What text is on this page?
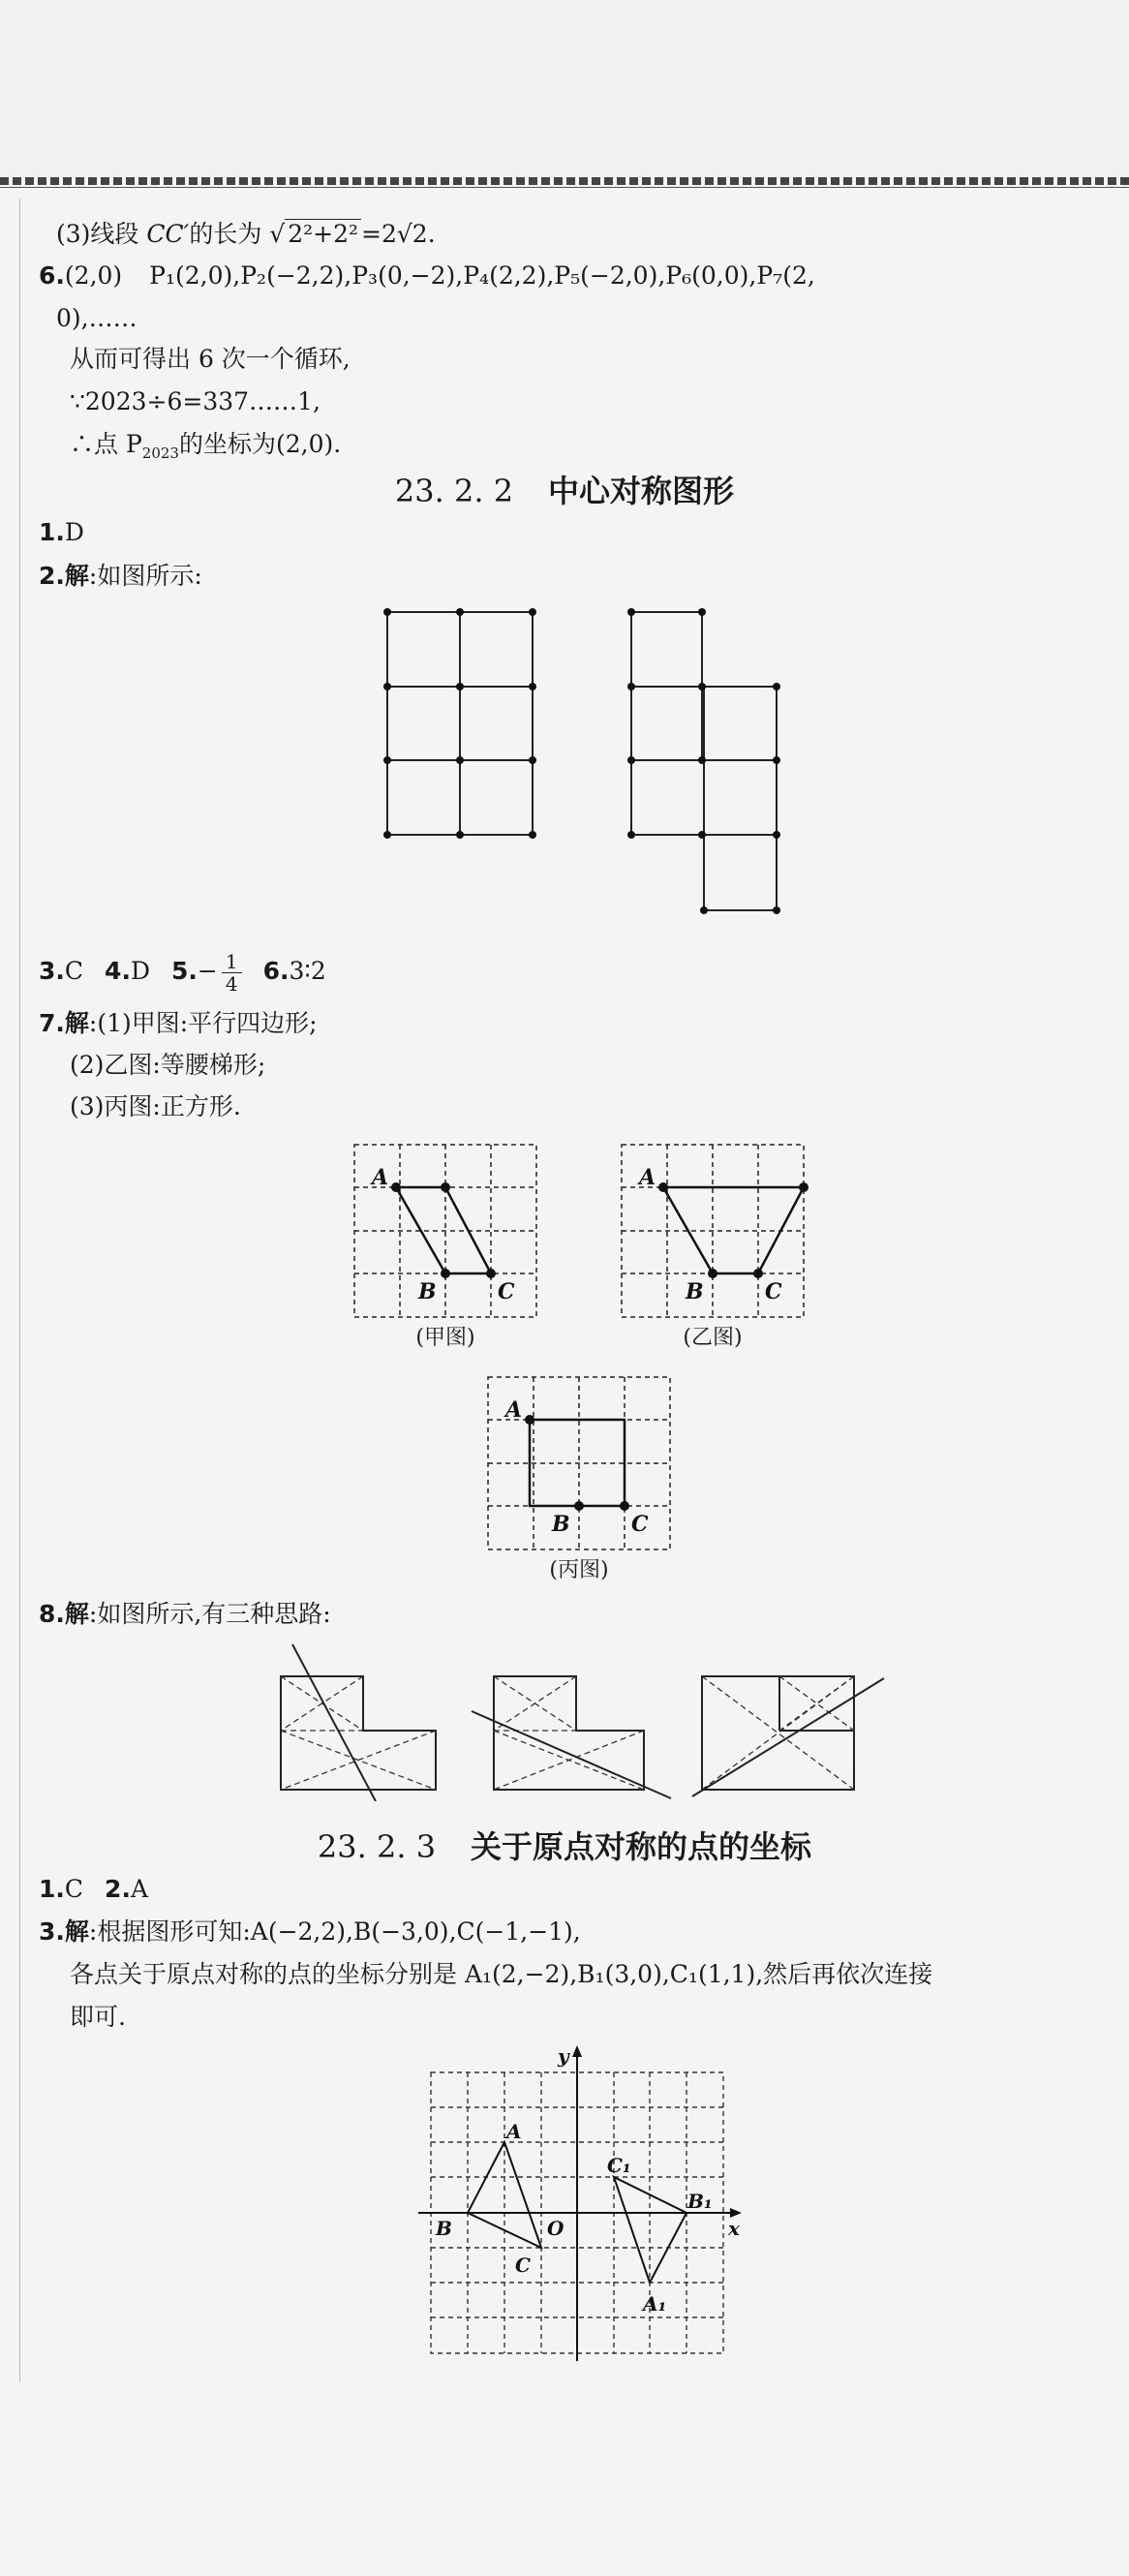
(3)线段 CC′的长为 √ 2²+2² =2√2.
6.(2,0) P₁(2,0),P₂(−2,2),P₃(0,−2),P₄(2,2),P₅(−2,0),P₆(0,0),P₇(2,
0),……
从而可得出 6 次一个循环,
∵2023÷6=337……1,
∴点 $P_{2023}$的坐标为(2,0).
23. 2. 2 中心对称图形
1.D
2.解:如图所示:
3.C 4.D $5.- \frac{1}{4}$ 6.3∶2
7.解:(1)甲图:平行四边形;
(2)乙图:等腰梯形;
(3)丙图:正方形.
A
B	C
(甲图)
A
B	C
(乙图)
A
B	C
(丙图)
8.解:如图所示,有三种思路:
23. 2. 3 关于原点对称的点的坐标
1.C 2.A
3.解:根据图形可知:A(−2,2),B(−3,0),C(−1,−1),
各点关于原点对称的点的坐标分别是 A₁(2,−2),B₁(3,0),C₁(1,1),然后再依次连接
即可.
y
x
O
A
B
C
A₁
B₁
C₁
